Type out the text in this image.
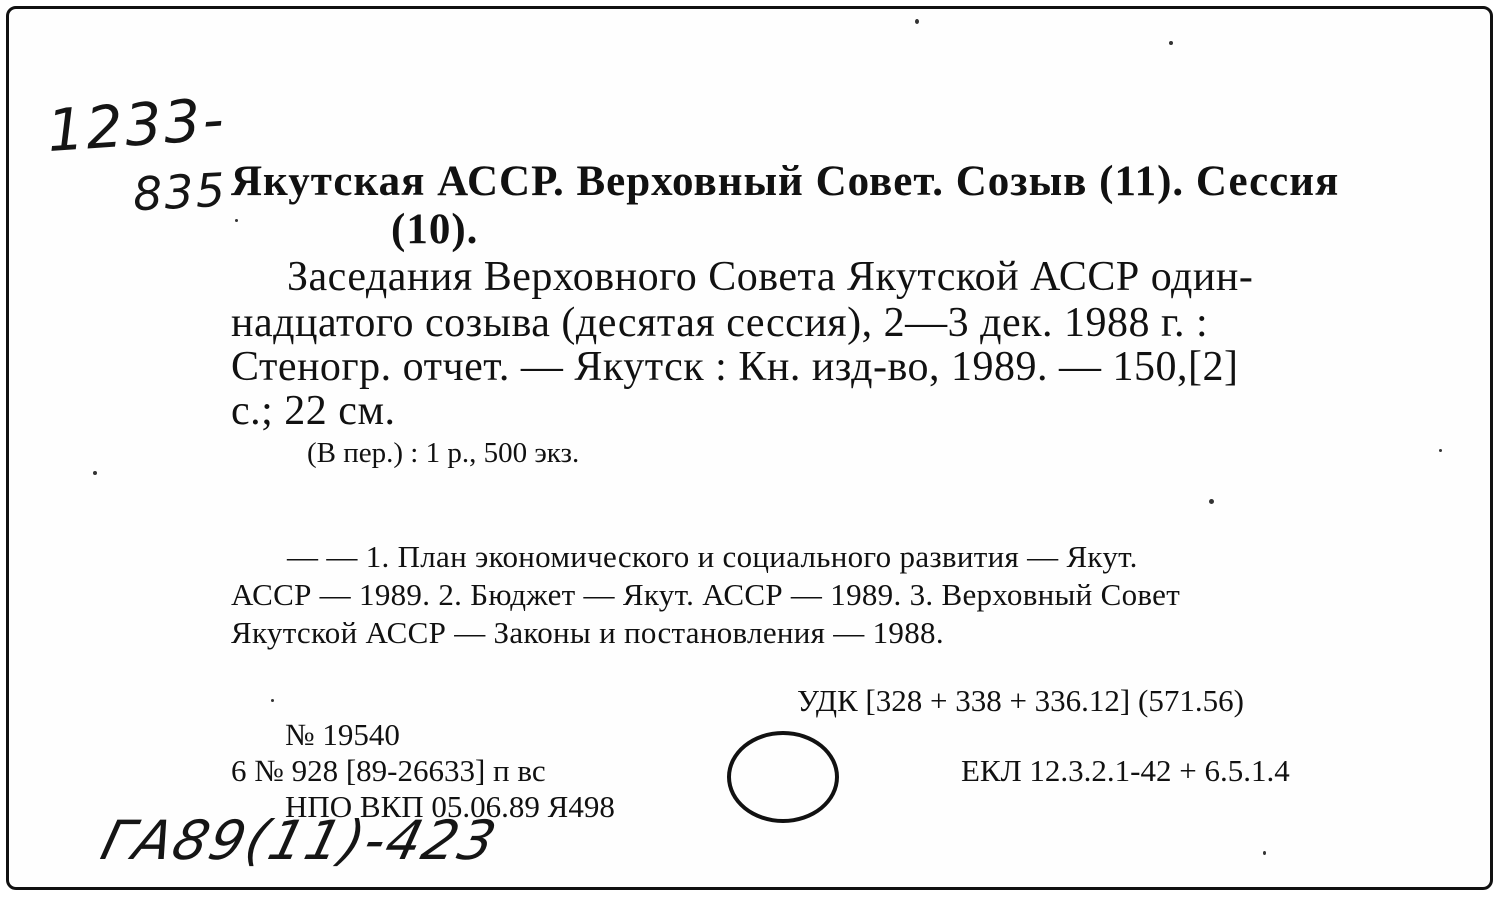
1233-
835 Якутская АССР. Верховный Совет. Созыв (11). Сессия
(10).
Заседания Верховного Совета Якутской АССР один-
надцатого созыва (десятая сессия), 2—3 дек. 1988 г. :
Стеногр. отчет. — Якутск : Кн. изд-во, 1989. — 150,[2]
с.; 22 см.
(В пер.) : 1 р., 500 экз.
— — 1. План экономического и социального развития — Якут.
АССР — 1989. 2. Бюджет — Якут. АССР — 1989. 3. Верховный Совет
Якутской АССР — Законы и постановления — 1988.
УДК [328 + 338 + 336.12] (571.56)
№ 19540
6 № 928 [89-26633] п вс
НПО ВКП 05.06.89 Я498
ЕКЛ 12.3.2.1-42 + 6.5.1.4
ГА89(11)-423
